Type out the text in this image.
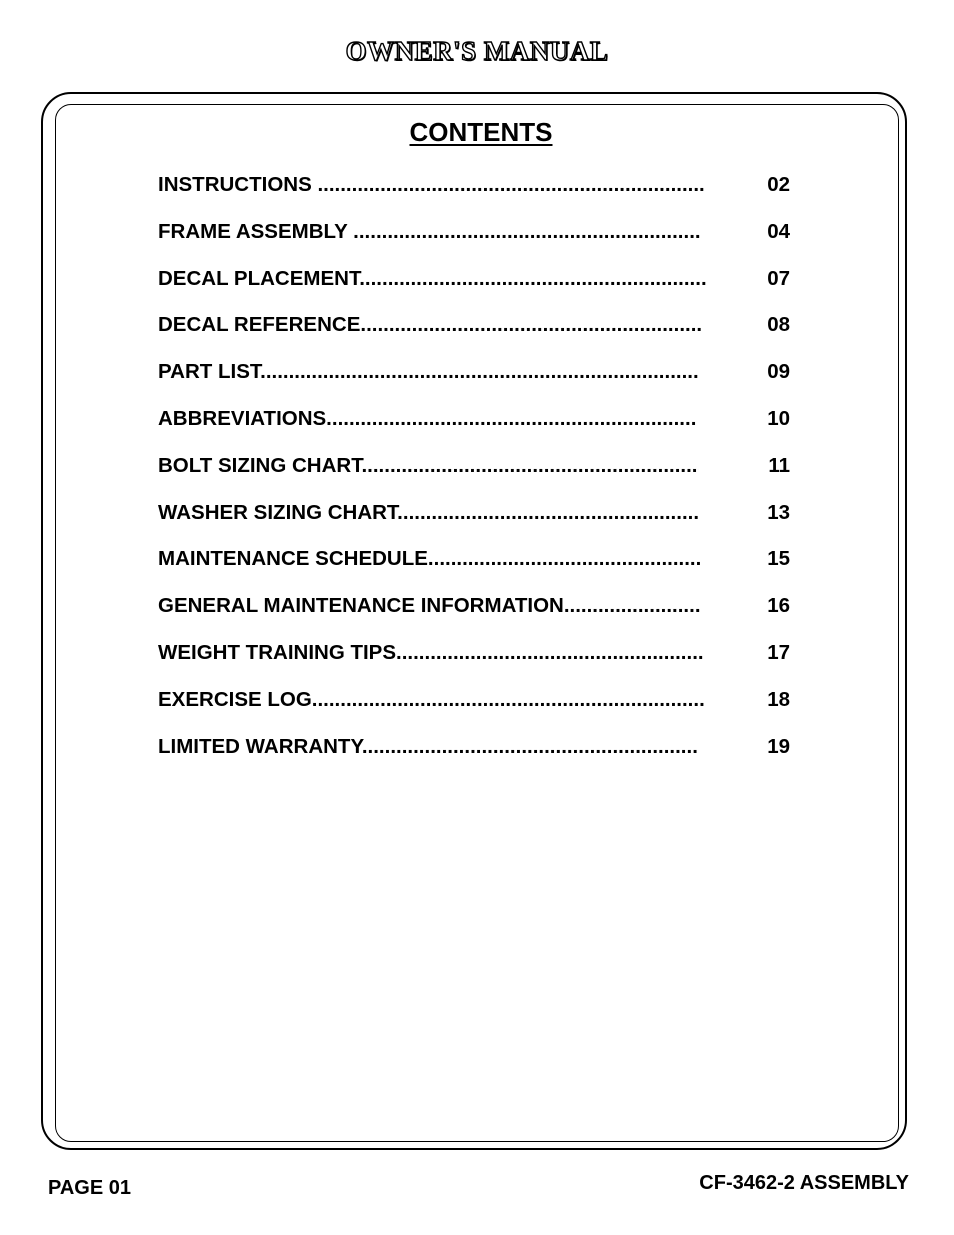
OWNER'S MANUAL
CONTENTS
INSTRUCTIONS ....................................................................	02
FRAME ASSEMBLY .............................................................	04
DECAL PLACEMENT.............................................................	07
DECAL REFERENCE............................................................	08
PART LIST.............................................................................	09
ABBREVIATIONS.................................................................	10
BOLT SIZING CHART...........................................................	11
WASHER SIZING CHART.....................................................	13
MAINTENANCE SCHEDULE................................................	15
GENERAL MAINTENANCE INFORMATION........................	16
WEIGHT TRAINING TIPS......................................................	17
EXERCISE LOG.....................................................................	18
LIMITED WARRANTY...........................................................	19
PAGE 01	CF-3462-2 ASSEMBLY
